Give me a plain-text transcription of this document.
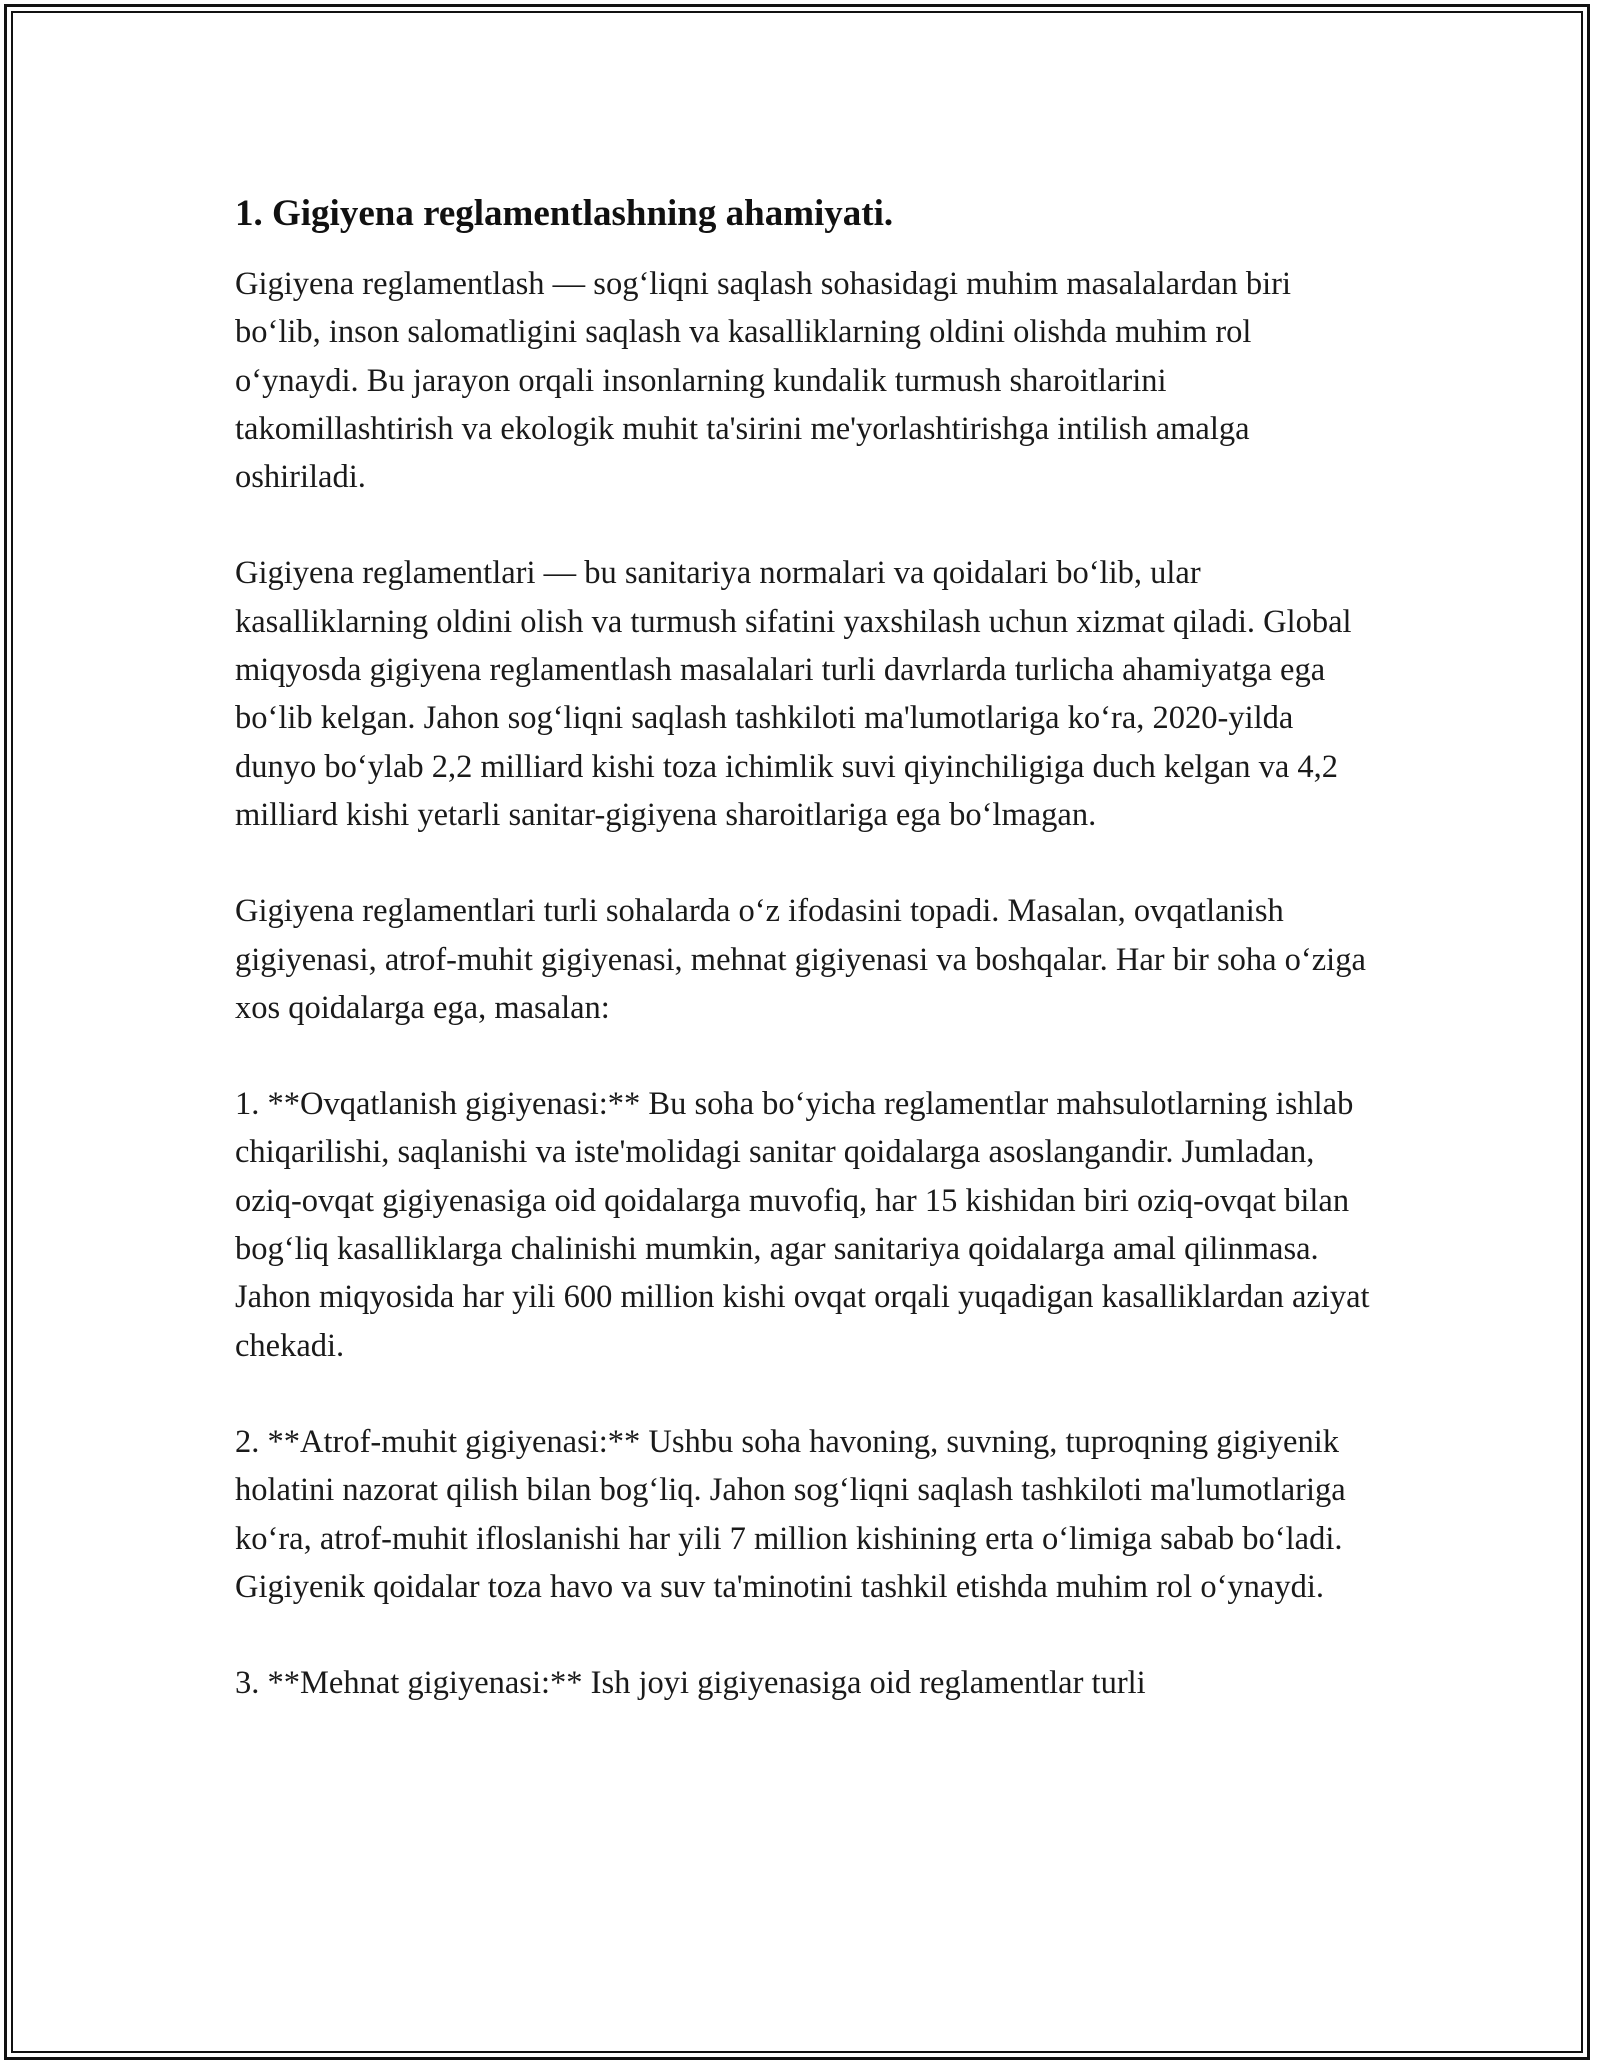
1. Gigiyena reglamentlashning ahamiyati.

Gigiyena reglamentlash — sog‘liqni saqlash sohasidagi muhim masalalardan biri bo‘lib, inson salomatligini saqlash va kasalliklarning oldini olishda muhim rol o‘ynaydi. Bu jarayon orqali insonlarning kundalik turmush sharoitlarini takomillashtirish va ekologik muhit ta'sirini me'yorlashtirishga intilish amalga oshiriladi.

Gigiyena reglamentlari — bu sanitariya normalari va qoidalari bo‘lib, ular kasalliklarning oldini olish va turmush sifatini yaxshilash uchun xizmat qiladi. Global miqyosda gigiyena reglamentlash masalalari turli davrlarda turlicha ahamiyatga ega bo‘lib kelgan. Jahon sog‘liqni saqlash tashkiloti ma'lumotlariga ko‘ra, 2020-yilda dunyo bo‘ylab 2,2 milliard kishi toza ichimlik suvi qiyinchiligiga duch kelgan va 4,2 milliard kishi yetarli sanitar-gigiyena sharoitlariga ega bo‘lmagan.

Gigiyena reglamentlari turli sohalarda o‘z ifodasini topadi. Masalan, ovqatlanish gigiyenasi, atrof-muhit gigiyenasi, mehnat gigiyenasi va boshqalar. Har bir soha o‘ziga xos qoidalarga ega, masalan:

1. **Ovqatlanish gigiyenasi:** Bu soha bo‘yicha reglamentlar mahsulotlarning ishlab chiqarilishi, saqlanishi va iste'molidagi sanitar qoidalarga asoslangandir. Jumladan, oziq-ovqat gigiyenasiga oid qoidalarga muvofiq, har 15 kishidan biri oziq-ovqat bilan bog‘liq kasalliklarga chalinishi mumkin, agar sanitariya qoidalarga amal qilinmasa. Jahon miqyosida har yili 600 million kishi ovqat orqali yuqadigan kasalliklardan aziyat chekadi.

2. **Atrof-muhit gigiyenasi:** Ushbu soha havoning, suvning, tuproqning gigiyenik holatini nazorat qilish bilan bog‘liq. Jahon sog‘liqni saqlash tashkiloti ma'lumotlariga ko‘ra, atrof-muhit ifloslanishi har yili 7 million kishining erta o‘limiga sabab bo‘ladi. Gigiyenik qoidalar toza havo va suv ta'minotini tashkil etishda muhim rol o‘ynaydi.

3. **Mehnat gigiyenasi:** Ish joyi gigiyenasiga oid reglamentlar turli
